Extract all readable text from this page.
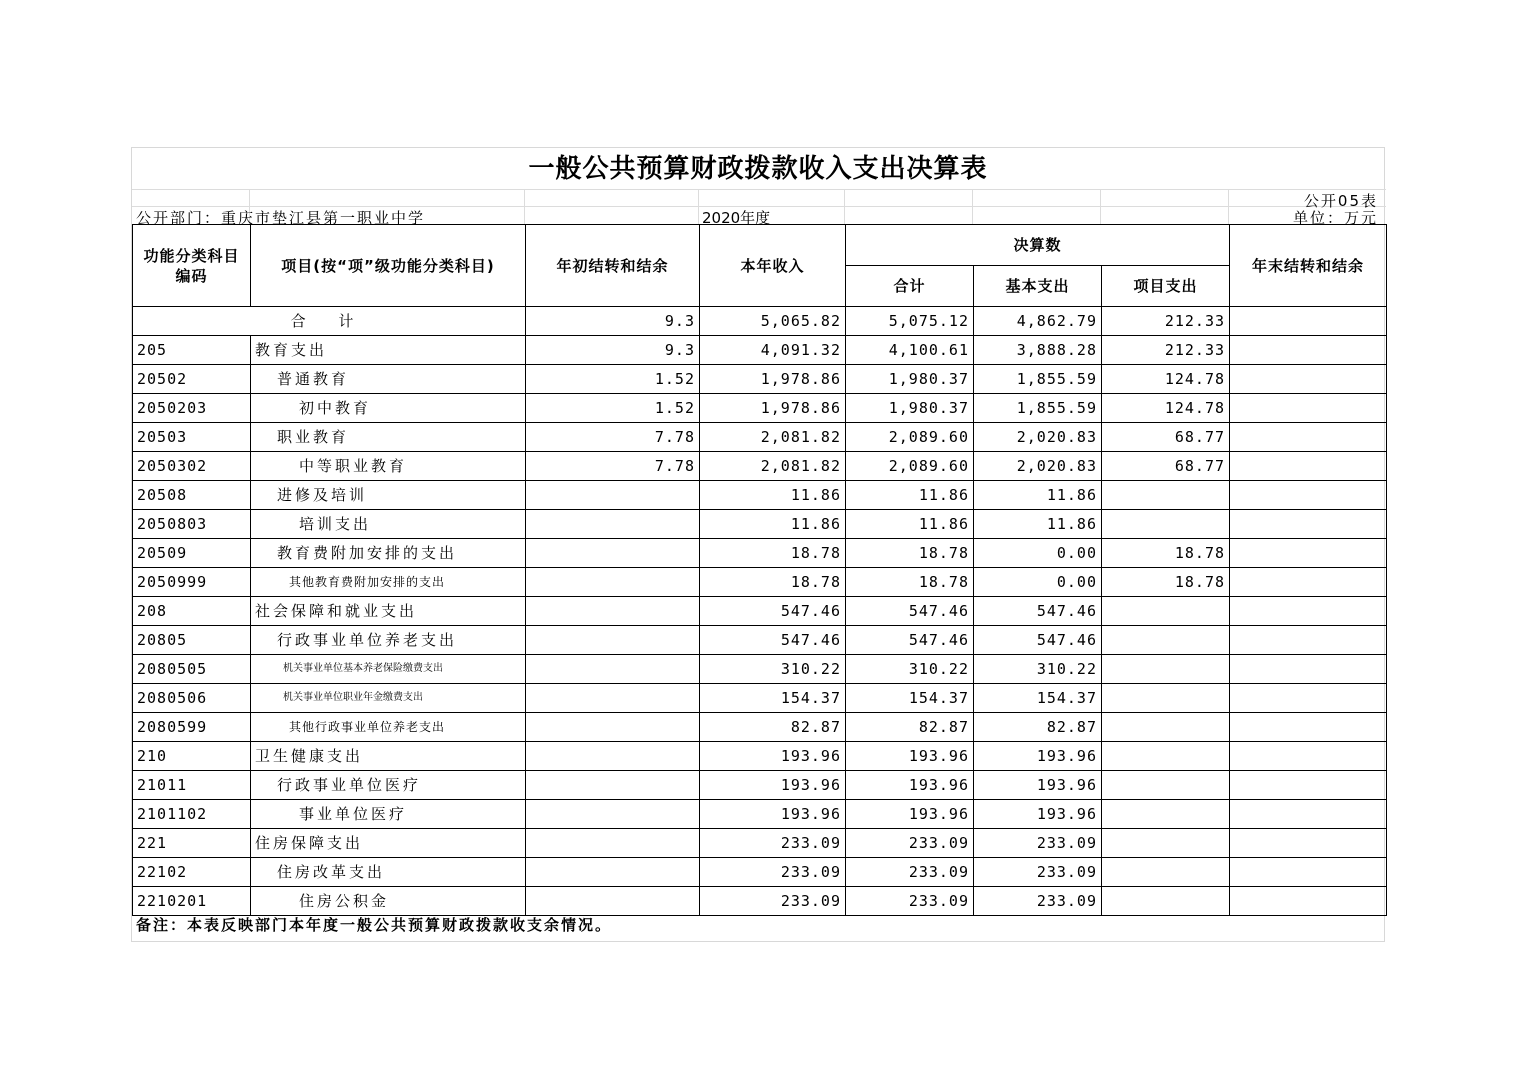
一般公共预算财政拨款收入支出决算表
公开05表
公开部门：重庆市垫江县第一职业中学	2020年度	单位：万元
功能分类科目编码	项目(按“项”级功能分类科目)	年初结转和结余	本年收入	决算数			年末结转和结余
				合计	基本支出	项目支出	
合 计		9.3	5,065.82	5,075.12	4,862.79	212.33	
205	教育支出	9.3	4,091.32	4,100.61	3,888.28	212.33	
20502	普通教育	1.52	1,978.86	1,980.37	1,855.59	124.78	
2050203	初中教育	1.52	1,978.86	1,980.37	1,855.59	124.78	
20503	职业教育	7.78	2,081.82	2,089.60	2,020.83	68.77	
2050302	中等职业教育	7.78	2,081.82	2,089.60	2,020.83	68.77	
20508	进修及培训		11.86	11.86	11.86		
2050803	培训支出		11.86	11.86	11.86		
20509	教育费附加安排的支出		18.78	18.78	0.00	18.78	
2050999	其他教育费附加安排的支出		18.78	18.78	0.00	18.78	
208	社会保障和就业支出		547.46	547.46	547.46		
20805	行政事业单位养老支出		547.46	547.46	547.46		
2080505	机关事业单位基本养老保险缴费支出		310.22	310.22	310.22		
2080506	机关事业单位职业年金缴费支出		154.37	154.37	154.37		
2080599	其他行政事业单位养老支出		82.87	82.87	82.87		
210	卫生健康支出		193.96	193.96	193.96		
21011	行政事业单位医疗		193.96	193.96	193.96		
2101102	事业单位医疗		193.96	193.96	193.96		
221	住房保障支出		233.09	233.09	233.09		
22102	住房改革支出		233.09	233.09	233.09		
2210201	住房公积金		233.09	233.09	233.09		
备注：本表反映部门本年度一般公共预算财政拨款收支余情况。
